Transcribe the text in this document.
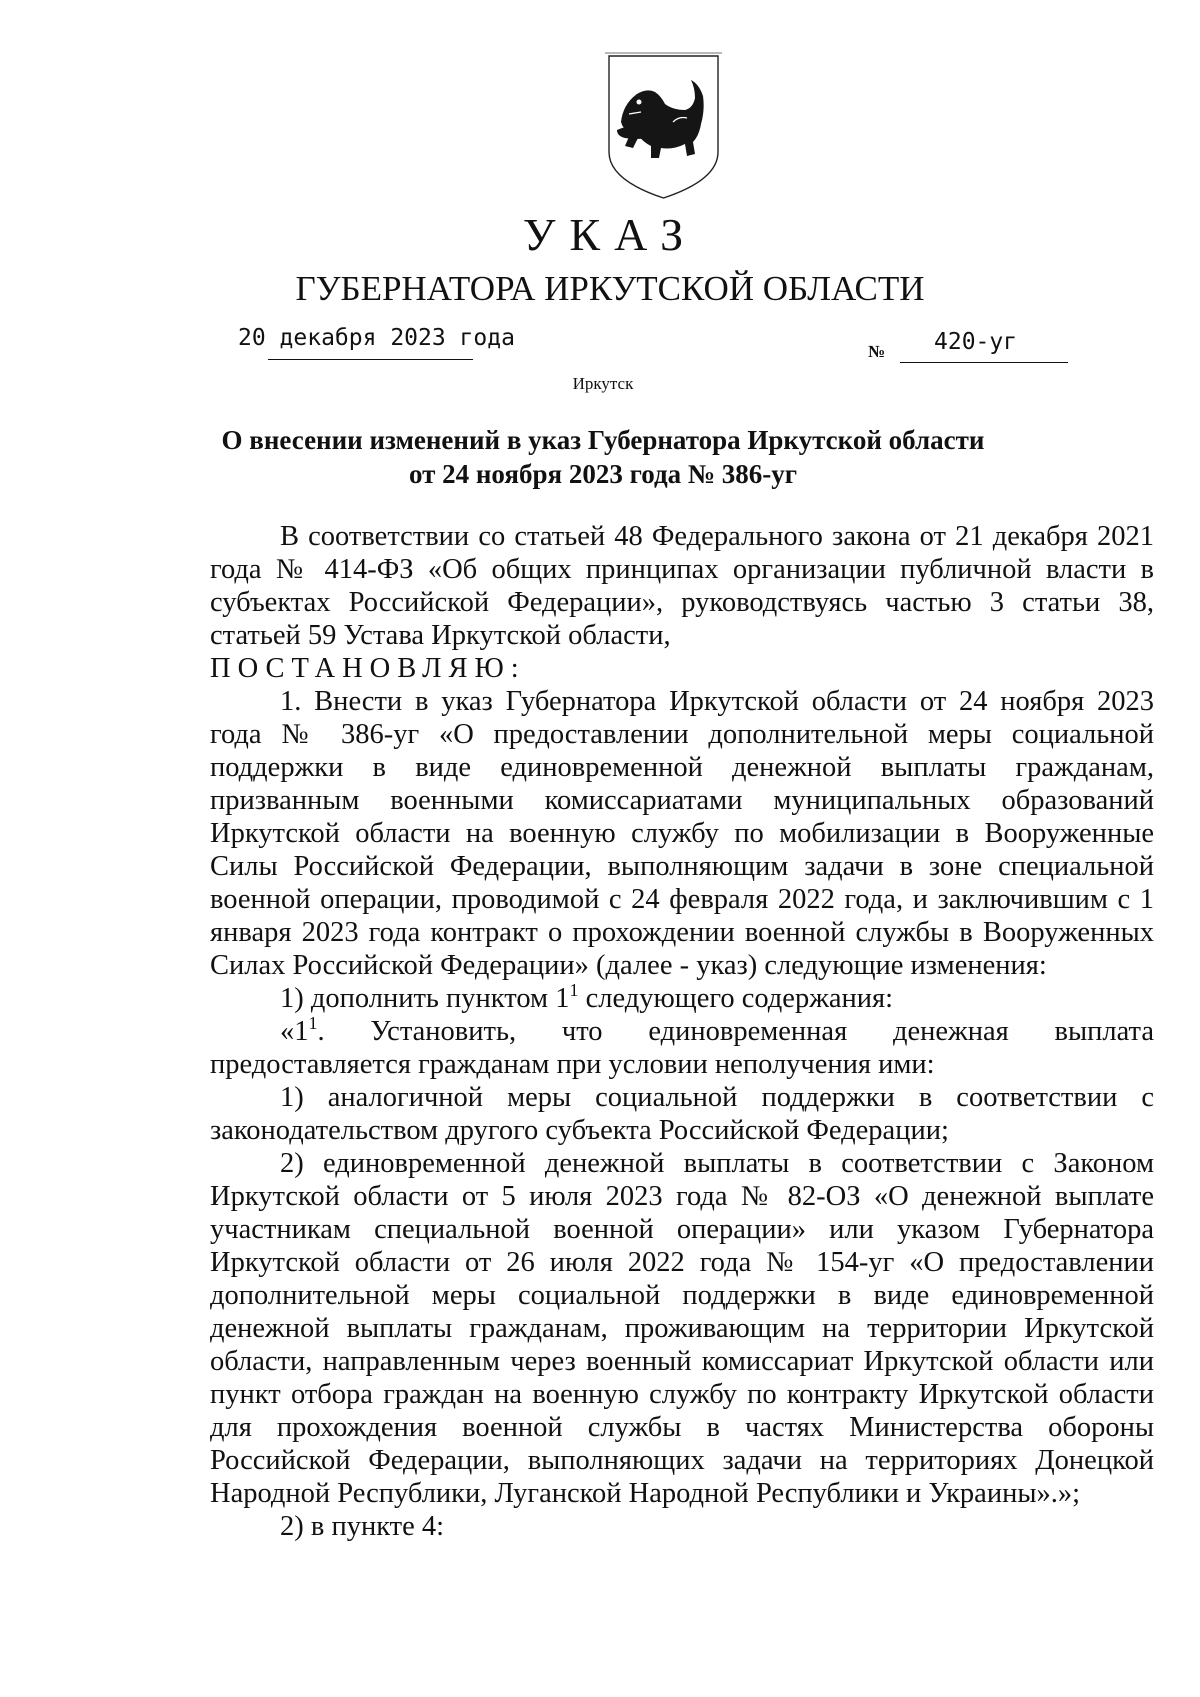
УКАЗ
ГУБЕРНАТОРА ИРКУТСКОЙ ОБЛАСТИ
20 декабря 2023 года
№ 420-уг
Иркутск
О внесении изменений в указ Губернатора Иркутской области
от 24 ноября 2023 года № 386-уг

В соответствии со статьей 48 Федерального закона от 21 декабря 2021 года № 414-ФЗ «Об общих принципах организации публичной власти в субъектах Российской Федерации», руководствуясь частью 3 статьи 38, статьей 59 Устава Иркутской области,

ПОСТАНОВЛЯЮ:

1. Внести в указ Губернатора Иркутской области от 24 ноября 2023 года № 386-уг «О предоставлении дополнительной меры социальной поддержки в виде единовременной денежной выплаты гражданам, призванным военными комиссариатами муниципальных образований Иркутской области на военную службу по мобилизации в Вооруженные Силы Российской Федерации, выполняющим задачи в зоне специальной военной операции, проводимой с 24 февраля 2022 года, и заключившим с 1 января 2023 года контракт о прохождении военной службы в Вооруженных Силах Российской Федерации» (далее - указ) следующие изменения:

1) дополнить пунктом $1^1$ следующего содержания:

«$1^1$. Установить, что единовременная денежная выплата предоставляется гражданам при условии неполучения ими:

1) аналогичной меры социальной поддержки в соответствии с законодательством другого субъекта Российской Федерации;

2) единовременной денежной выплаты в соответствии с Законом Иркутской области от 5 июля 2023 года № 82-ОЗ «О денежной выплате участникам специальной военной операции» или указом Губернатора Иркутской области от 26 июля 2022 года № 154-уг «О предоставлении дополнительной меры социальной поддержки в виде единовременной денежной выплаты гражданам, проживающим на территории Иркутской области, направленным через военный комиссариат Иркутской области или пункт отбора граждан на военную службу по контракту Иркутской области для прохождения военной службы в частях Министерства обороны Российской Федерации, выполняющих задачи на территориях Донецкой Народной Республики, Луганской Народной Республики и Украины».»;

2) в пункте 4:
